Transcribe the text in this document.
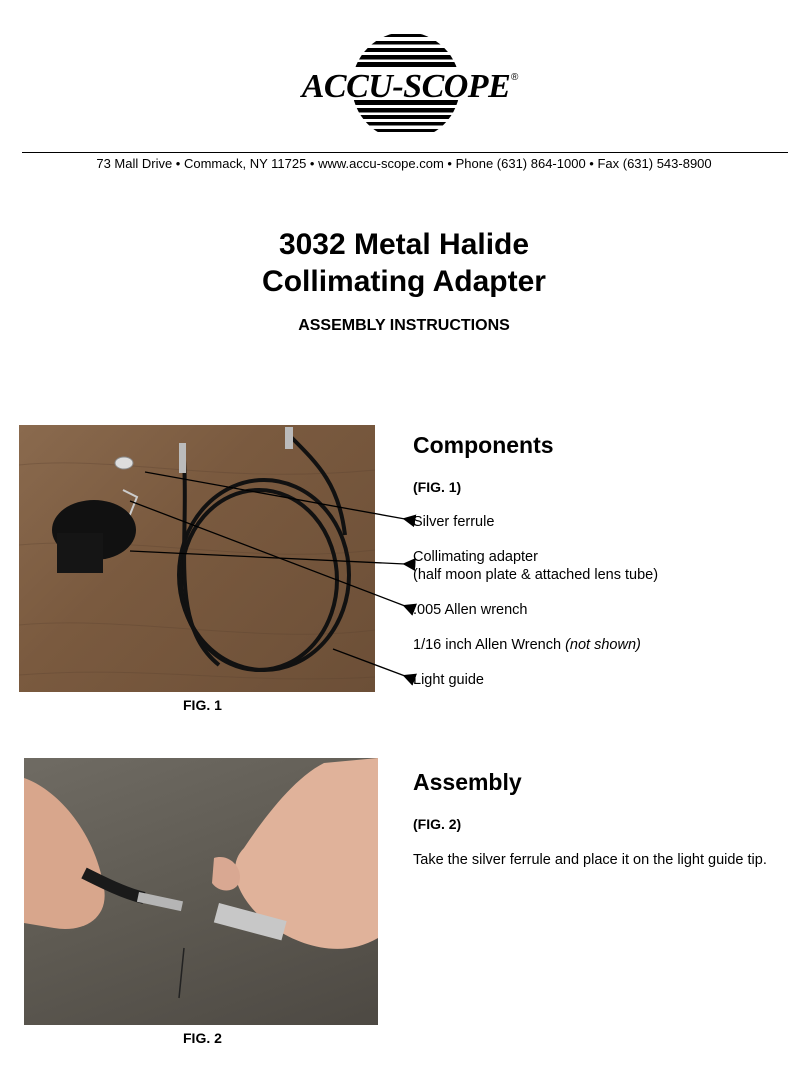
ACCU-SCOPE ®
73 Mall Drive • Commack, NY 11725 • www.accu-scope.com • Phone (631) 864-1000 • Fax (631) 543-8900
3032 Metal Halide
Collimating Adapter
ASSEMBLY INSTRUCTIONS
FIG. 1
Components
(FIG. 1)
Silver ferrule
Collimating adapter
(half moon plate & attached lens tube)
.005 Allen wrench
1/16 inch Allen Wrench (not shown)
Light guide
FIG. 2
Assembly
(FIG. 2)
Take the silver ferrule and place it on the light guide tip.
